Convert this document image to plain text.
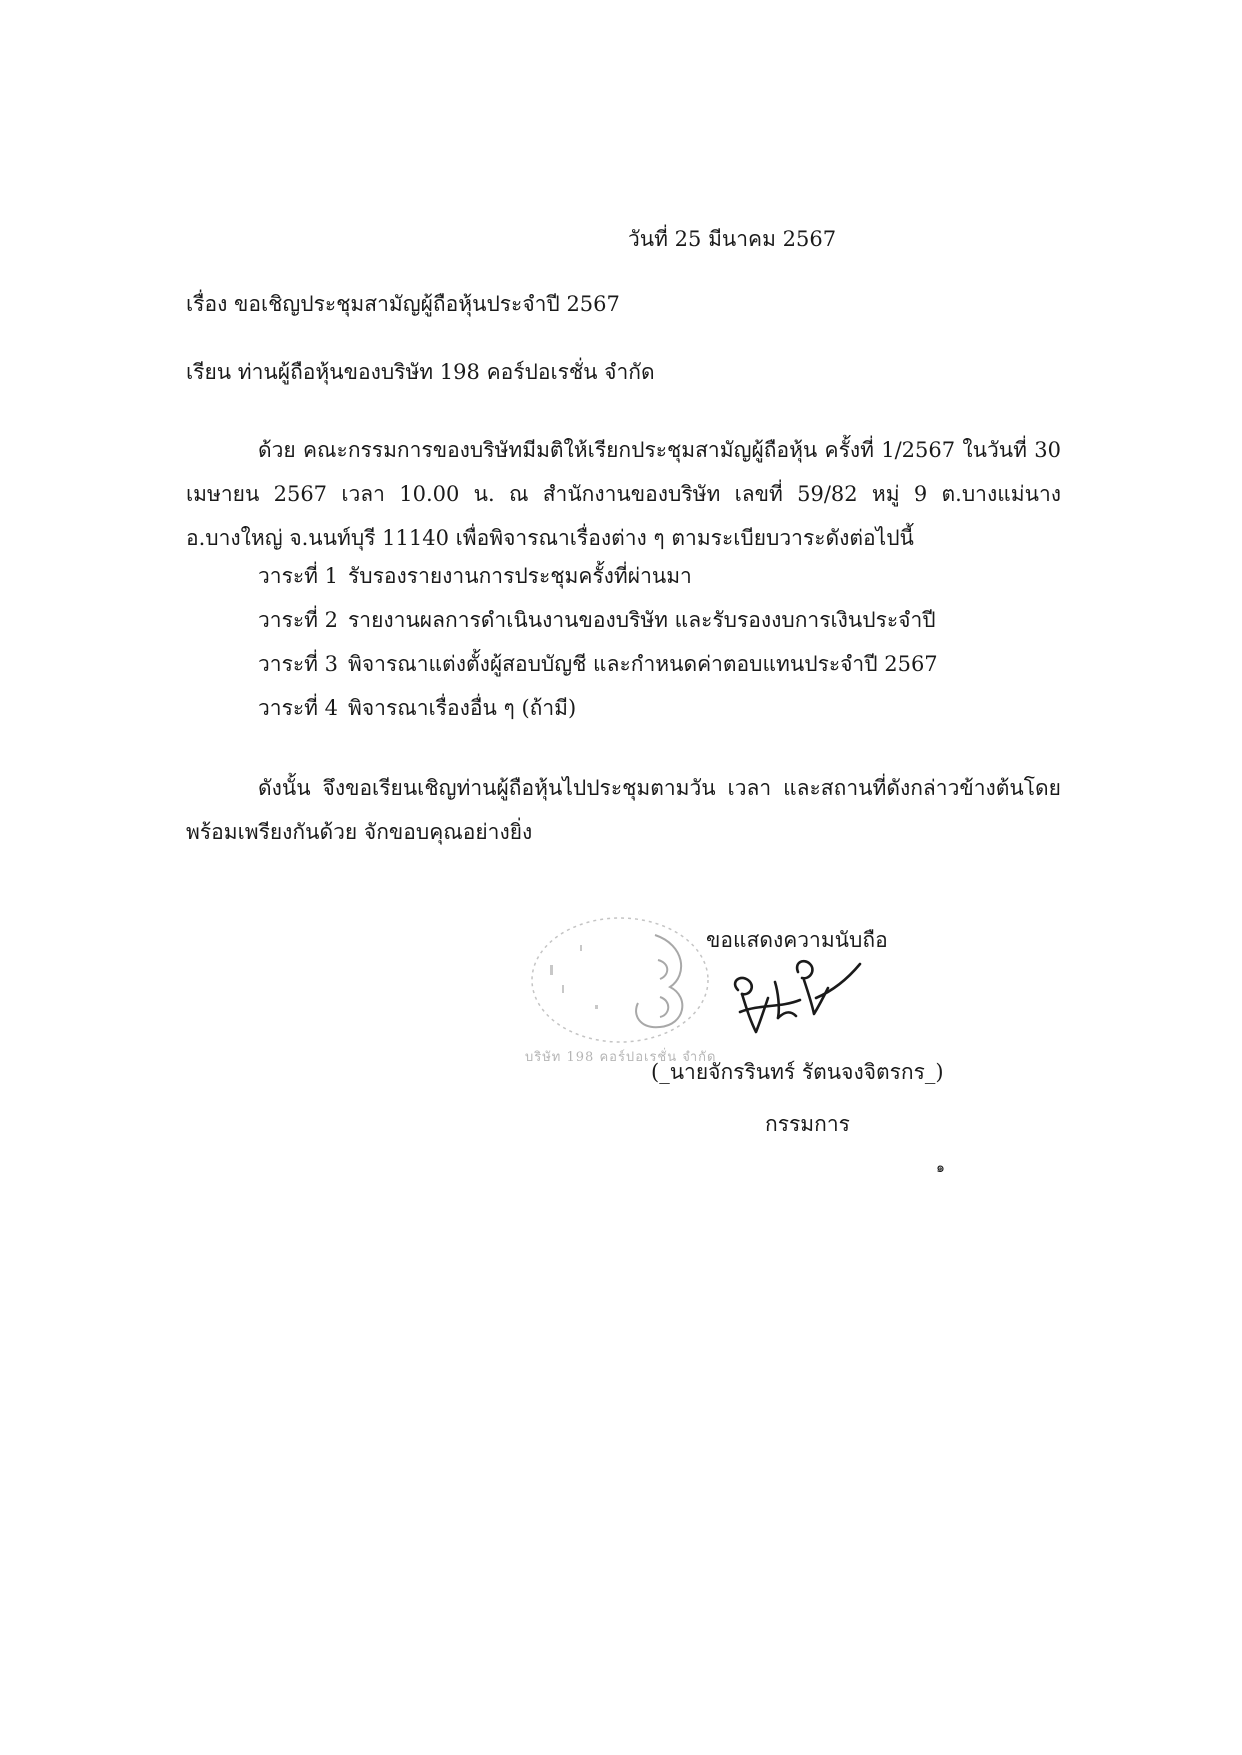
วันที่ 25 มีนาคม 2567
เรื่อง ขอเชิญประชุมสามัญผู้ถือหุ้นประจำปี 2567
เรียน ท่านผู้ถือหุ้นของบริษัท 198 คอร์ปอเรชั่น จำกัด
ด้วย คณะกรรมการของบริษัทมีมติให้เรียกประชุมสามัญผู้ถือหุ้น ครั้งที่ 1/2567 ในวันที่ 30 เมษายน 2567 เวลา 10.00 น. ณ สำนักงานของบริษัท เลขที่ 59/82 หมู่ 9 ต.บางแม่นาง อ.บางใหญ่ จ.นนท์บุรี 11140 เพื่อพิจารณาเรื่องต่าง ๆ ตามระเบียบวาระดังต่อไปนี้
วาระที่ 1 รับรองรายงานการประชุมครั้งที่ผ่านมา
วาระที่ 2 รายงานผลการดำเนินงานของบริษัท และรับรองงบการเงินประจำปี
วาระที่ 3 พิจารณาแต่งตั้งผู้สอบบัญชี และกำหนดค่าตอบแทนประจำปี 2567
วาระที่ 4 พิจารณาเรื่องอื่น ๆ (ถ้ามี)
ดังนั้น จึงขอเรียนเชิญท่านผู้ถือหุ้นไปประชุมตามวัน เวลา และสถานที่ดังกล่าวข้างต้นโดยพร้อมเพรียงกันด้วย จักขอบคุณอย่างยิ่ง
บริษัท 198 คอร์ปอเรชั่น จำกัด
ขอแสดงความนับถือ
(_นายจักรรินทร์ รัตนจงจิตรกร_)
กรรมการ
๑
